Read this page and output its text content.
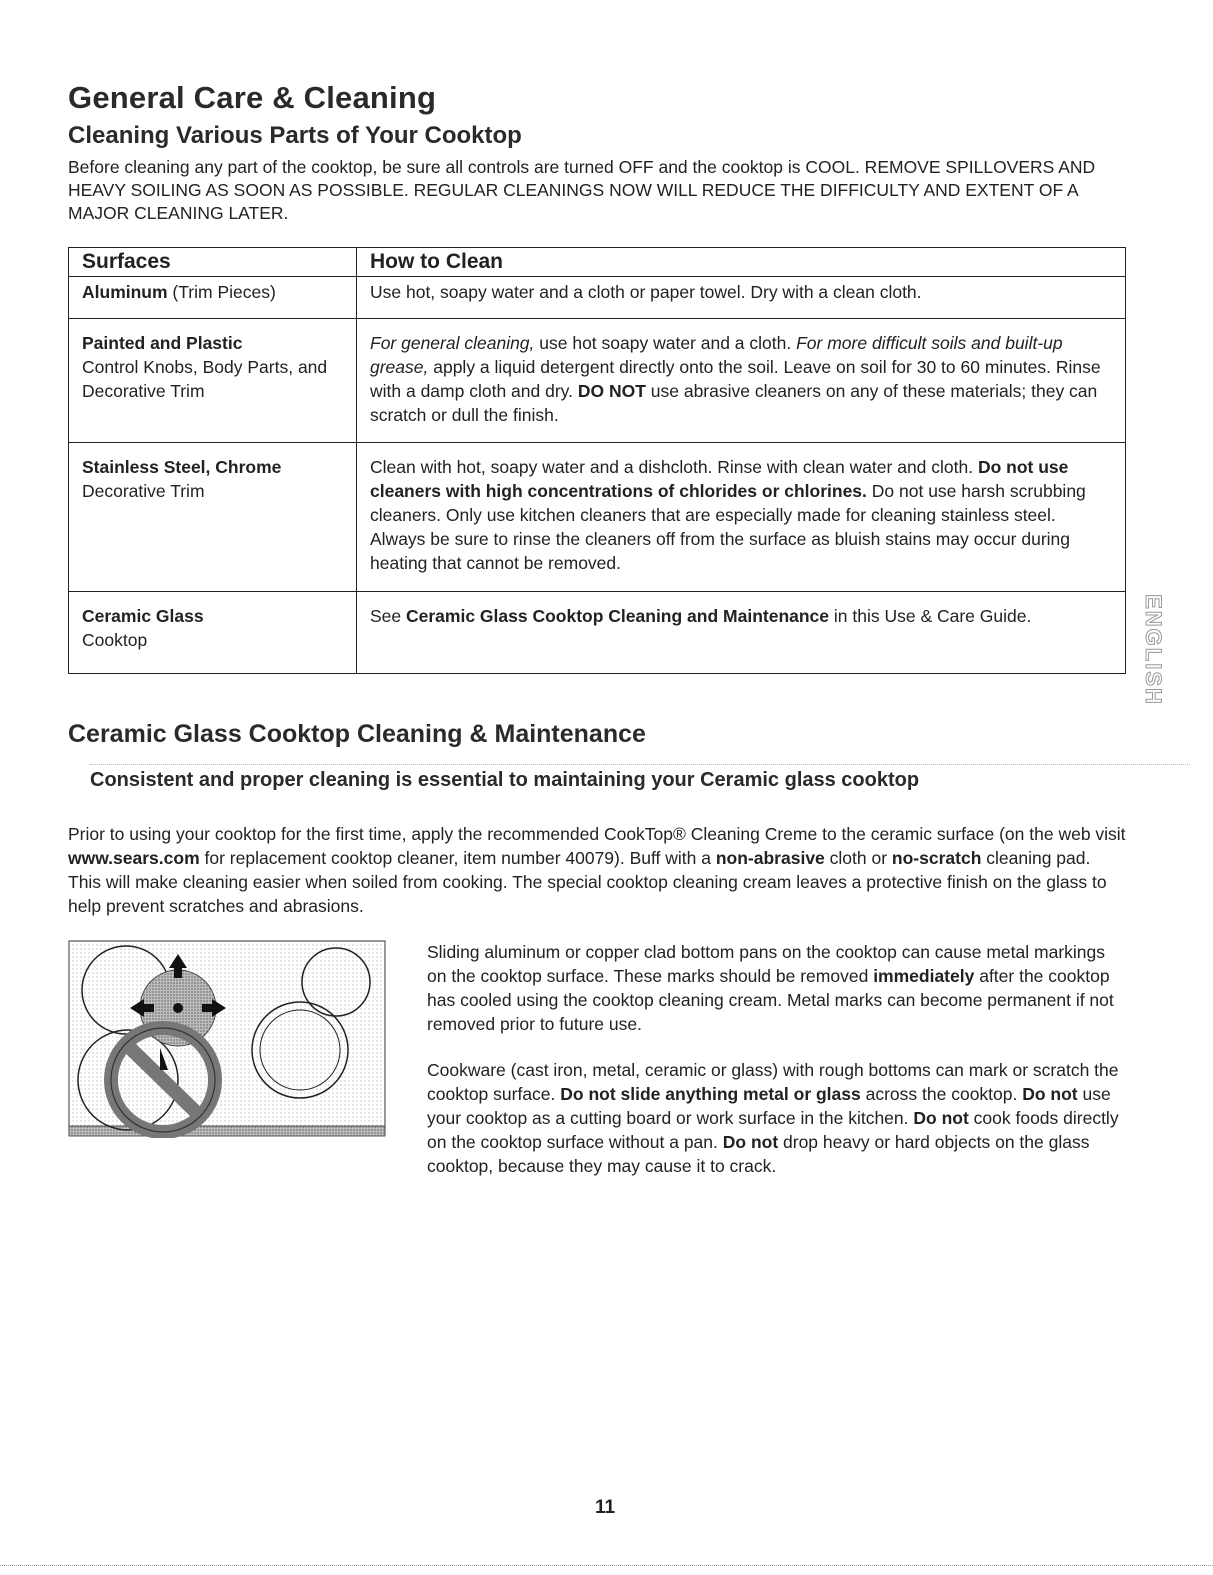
General Care & Cleaning
Cleaning Various Parts of Your Cooktop

Before cleaning any part of the cooktop, be sure all controls are turned OFF and the cooktop is COOL. REMOVE SPILLOVERS AND HEAVY SOILING AS SOON AS POSSIBLE. REGULAR CLEANINGS NOW WILL REDUCE THE DIFFICULTY AND EXTENT OF A MAJOR CLEANING LATER.

Surfaces	How to Clean
Aluminum (Trim Pieces)	Use hot, soapy water and a cloth or paper towel. Dry with a clean cloth.

Painted and Plastic
Control Knobs, Body Parts, and Decorative Trim	For general cleaning, use hot soapy water and a cloth. For more difficult soils and built-up grease, apply a liquid detergent directly onto the soil. Leave on soil for 30 to 60 minutes. Rinse with a damp cloth and dry. DO NOT use abrasive cleaners on any of these materials; they can scratch or dull the finish.

Stainless Steel, Chrome
Decorative Trim	Clean with hot, soapy water and a dishcloth. Rinse with clean water and cloth. Do not use cleaners with high concentrations of chlorides or chlorines. Do not use harsh scrubbing cleaners. Only use kitchen cleaners that are especially made for cleaning stainless steel. Always be sure to rinse the cleaners off from the surface as bluish stains may occur during heating that cannot be removed.

Ceramic Glass
Cooktop	See Ceramic Glass Cooktop Cleaning and Maintenance in this Use & Care Guide.	ENGLISH
Ceramic Glass Cooktop Cleaning & Maintenance

Consistent and proper cleaning is essential to maintaining your Ceramic glass cooktop

Prior to using your cooktop for the first time, apply the recommended CookTop® Cleaning Creme to the ceramic surface (on the web visit www.sears.com for replacement cooktop cleaner, item number 40079). Buff with a non-abrasive cloth or no-scratch cleaning pad. This will make cleaning easier when soiled from cooking. The special cooktop cleaning cream leaves a protective finish on the glass to help prevent scratches and abrasions.

Sliding aluminum or copper clad bottom pans on the cooktop can cause metal markings on the cooktop surface. These marks should be removed immediately after the cooktop has cooled using the cooktop cleaning cream. Metal marks can become permanent if not removed prior to future use.

Cookware (cast iron, metal, ceramic or glass) with rough bottoms can mark or scratch the cooktop surface. Do not slide anything metal or glass across the cooktop. Do not use your cooktop as a cutting board or work surface in the kitchen. Do not cook foods directly on the cooktop surface without a pan. Do not drop heavy or hard objects on the glass cooktop, because they may cause it to crack.

11
